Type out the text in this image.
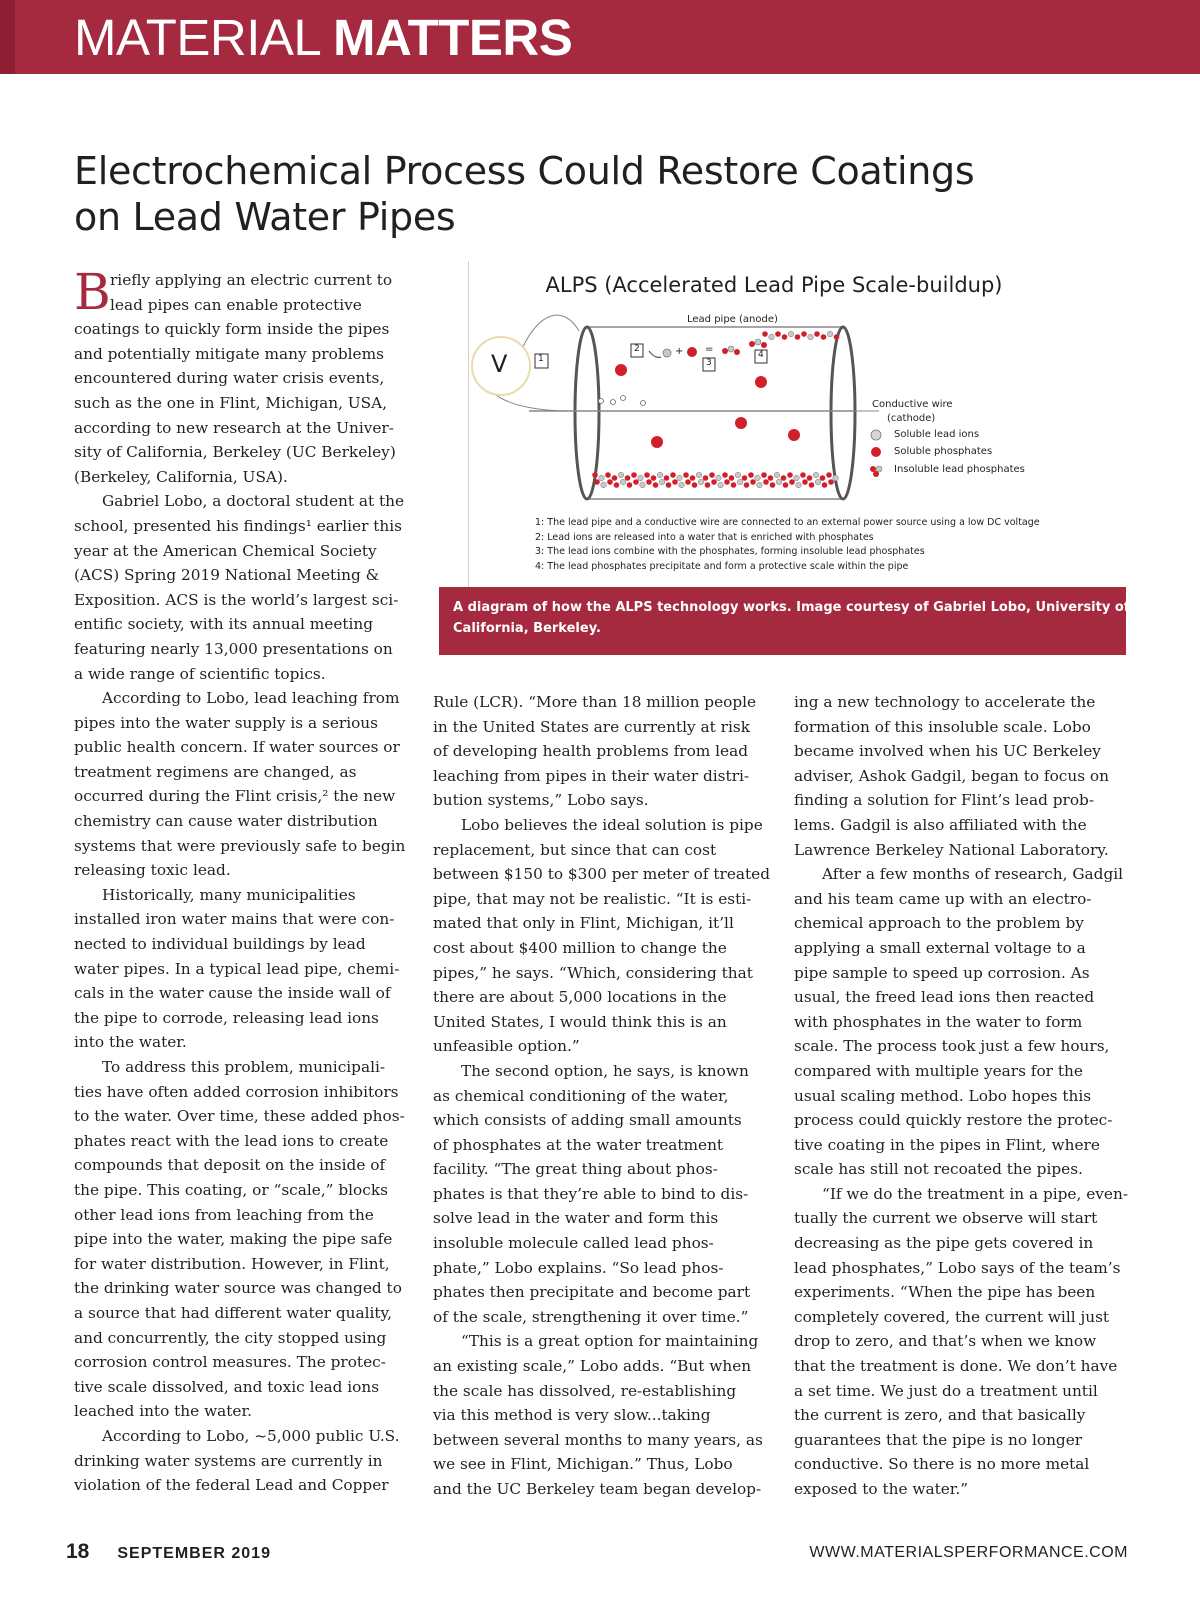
MATERIAL MATTERS
Electrochemical Process Could Restore Coatings
on Lead Water Pipes
B riefly applying an electric current to
lead pipes can enable protective
coatings to quickly form inside the pipes
and potentially mitigate many problems
encountered during water crisis events,
such as the one in Flint, Michigan, USA,
according to new research at the Univer-
sity of California, Berkeley (UC Berkeley)
(Berkeley, California, USA).
Gabriel Lobo, a doctoral student at the
school, presented his findings¹ earlier this
year at the American Chemical Society
(ACS) Spring 2019 National Meeting &
Exposition. ACS is the world’s largest sci-
entific society, with its annual meeting
featuring nearly 13,000 presentations on
a wide range of scientific topics.
According to Lobo, lead leaching from
pipes into the water supply is a serious
public health concern. If water sources or
treatment regimens are changed, as
occurred during the Flint crisis,² the new
chemistry can cause water distribution
systems that were previously safe to begin
releasing toxic lead.
Historically, many municipalities
installed iron water mains that were con-
nected to individual buildings by lead
water pipes. In a typical lead pipe, chemi-
cals in the water cause the inside wall of
the pipe to corrode, releasing lead ions
into the water.
To address this problem, municipali-
ties have often added corrosion inhibitors
to the water. Over time, these added phos-
phates react with the lead ions to create
compounds that deposit on the inside of
the pipe. This coating, or “scale,” blocks
other lead ions from leaching from the
pipe into the water, making the pipe safe
for water distribution. However, in Flint,
the drinking water source was changed to
a source that had different water quality,
and concurrently, the city stopped using
corrosion control measures. The protec-
tive scale dissolved, and toxic lead ions
leached into the water.
According to Lobo, ~5,000 public U.S.
drinking water systems are currently in
violation of the federal Lead and Copper
Rule (LCR). “More than 18 million people
in the United States are currently at risk
of developing health problems from lead
leaching from pipes in their water distri-
bution systems,” Lobo says.
Lobo believes the ideal solution is pipe
replacement, but since that can cost
between $150 to $300 per meter of treated
pipe, that may not be realistic. “It is esti-
mated that only in Flint, Michigan, it’ll
cost about $400 million to change the
pipes,” he says. “Which, considering that
there are about 5,000 locations in the
United States, I would think this is an
unfeasible option.”
The second option, he says, is known
as chemical conditioning of the water,
which consists of adding small amounts
of phosphates at the water treatment
facility. “The great thing about phos-
phates is that they’re able to bind to dis-
solve lead in the water and form this
insoluble molecule called lead phos-
phate,” Lobo explains. “So lead phos-
phates then precipitate and become part
of the scale, strengthening it over time.”
“This is a great option for maintaining
an existing scale,” Lobo adds. “But when
the scale has dissolved, re-establishing
via this method is very slow...taking
between several months to many years, as
we see in Flint, Michigan.” Thus, Lobo
and the UC Berkeley team began develop-
ing a new technology to accelerate the
formation of this insoluble scale. Lobo
became involved when his UC Berkeley
adviser, Ashok Gadgil, began to focus on
finding a solution for Flint’s lead prob-
lems. Gadgil is also affiliated with the
Lawrence Berkeley National Laboratory.
After a few months of research, Gadgil
and his team came up with an electro-
chemical approach to the problem by
applying a small external voltage to a
pipe sample to speed up corrosion. As
usual, the freed lead ions then reacted
with phosphates in the water to form
scale. The process took just a few hours,
compared with multiple years for the
usual scaling method. Lobo hopes this
process could quickly restore the protec-
tive coating in the pipes in Flint, where
scale has still not recoated the pipes.
“If we do the treatment in a pipe, even-
tually the current we observe will start
decreasing as the pipe gets covered in
lead phosphates,” Lobo says of the team’s
experiments. “When the pipe has been
completely covered, the current will just
drop to zero, and that’s when we know
that the treatment is done. We don’t have
a set time. We just do a treatment until
the current is zero, and that basically
guarantees that the pipe is no longer
conductive. So there is no more metal
exposed to the water.”
ALPS (Accelerated Lead Pipe Scale-buildup)
V	1
2
3
4
+ =
Lead pipe (anode)
Conductive wire
(cathode)
Soluble lead ions
Soluble phosphates
Insoluble lead phosphates
1: The lead pipe and a conductive wire are connected to an external power source using a low DC voltage
2: Lead ions are released into a water that is enriched with phosphates
3: The lead ions combine with the phosphates, forming insoluble lead phosphates
4: The lead phosphates precipitate and form a protective scale within the pipe
A diagram of how the ALPS technology works. Image courtesy of Gabriel Lobo, University of
California, Berkeley.
18 SEPTEMBER 2019	WWW.MATERIALSPERFORMANCE.COM
